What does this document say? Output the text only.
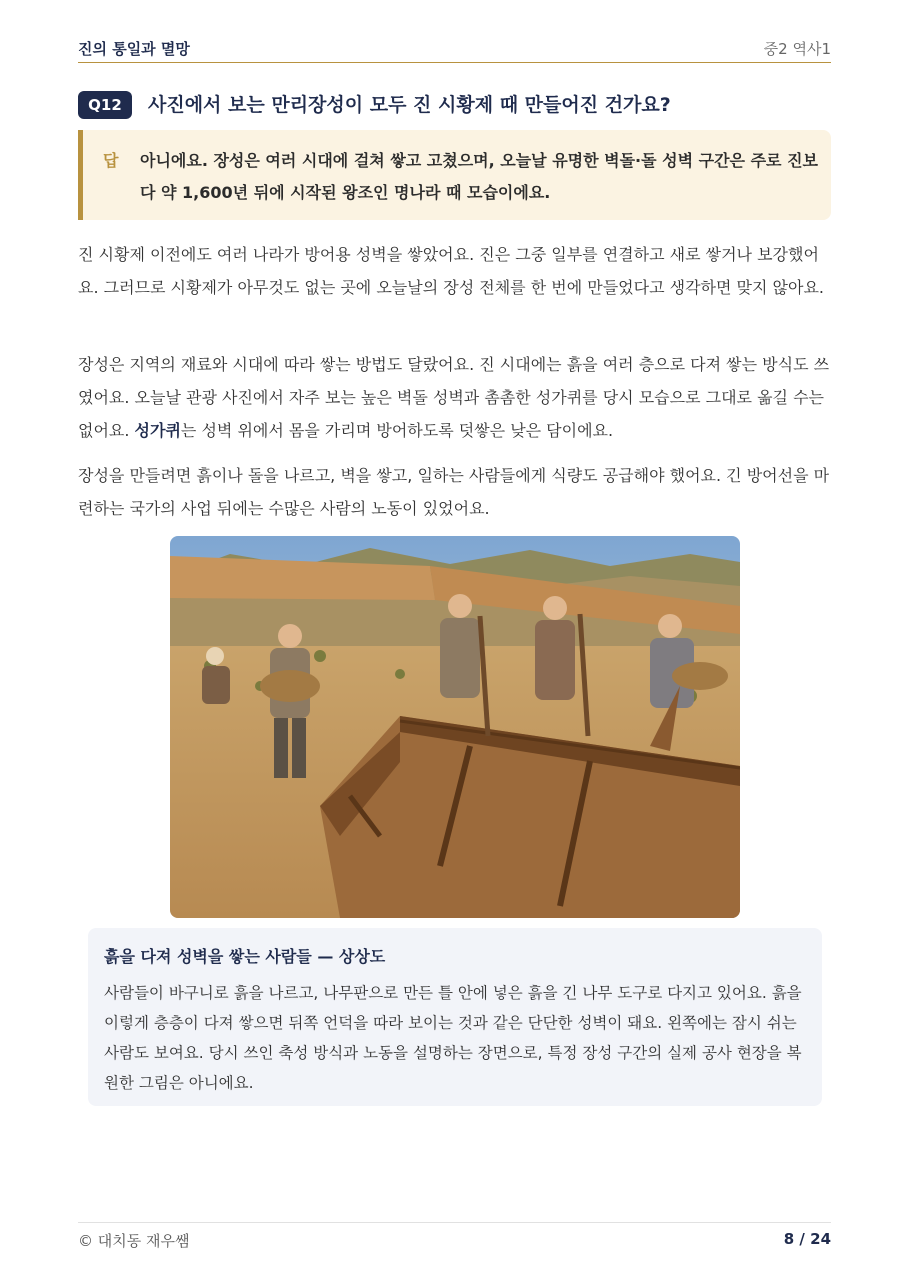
진의 통일과 멸망	중2 역사1
Q12	사진에서 보는 만리장성이 모두 진 시황제 때 만들어진 건가요?
답 아니에요. 장성은 여러 시대에 걸쳐 쌓고 고쳤으며, 오늘날 유명한 벽돌·돌 성벽 구간은 주로 진보다 약 1,600년 뒤에 시작된 왕조인 명나라 때 모습이에요.
진 시황제 이전에도 여러 나라가 방어용 성벽을 쌓았어요. 진은 그중 일부를 연결하고 새로 쌓거나 보강했어요. 그러므로 시황제가 아무것도 없는 곳에 오늘날의 장성 전체를 한 번에 만들었다고 생각하면 맞지 않아요.
장성은 지역의 재료와 시대에 따라 쌓는 방법도 달랐어요. 진 시대에는 흙을 여러 층으로 다져 쌓는 방식도 쓰였어요. 오늘날 관광 사진에서 자주 보는 높은 벽돌 성벽과 촘촘한 성가퀴를 당시 모습으로 그대로 옮길 수는 없어요. 성가퀴는 성벽 위에서 몸을 가리며 방어하도록 덧쌓은 낮은 담이에요.
장성을 만들려면 흙이나 돌을 나르고, 벽을 쌓고, 일하는 사람들에게 식량도 공급해야 했어요. 긴 방어선을 마련하는 국가의 사업 뒤에는 수많은 사람의 노동이 있었어요.
흙을 다져 성벽을 쌓는 사람들 — 상상도
사람들이 바구니로 흙을 나르고, 나무판으로 만든 틀 안에 넣은 흙을 긴 나무 도구로 다지고 있어요. 흙을 이렇게 층층이 다져 쌓으면 뒤쪽 언덕을 따라 보이는 것과 같은 단단한 성벽이 돼요. 왼쪽에는 잠시 쉬는 사람도 보여요. 당시 쓰인 축성 방식과 노동을 설명하는 장면으로, 특정 장성 구간의 실제 공사 현장을 복원한 그림은 아니에요.
© 대치동 재우쌤	8 / 24
